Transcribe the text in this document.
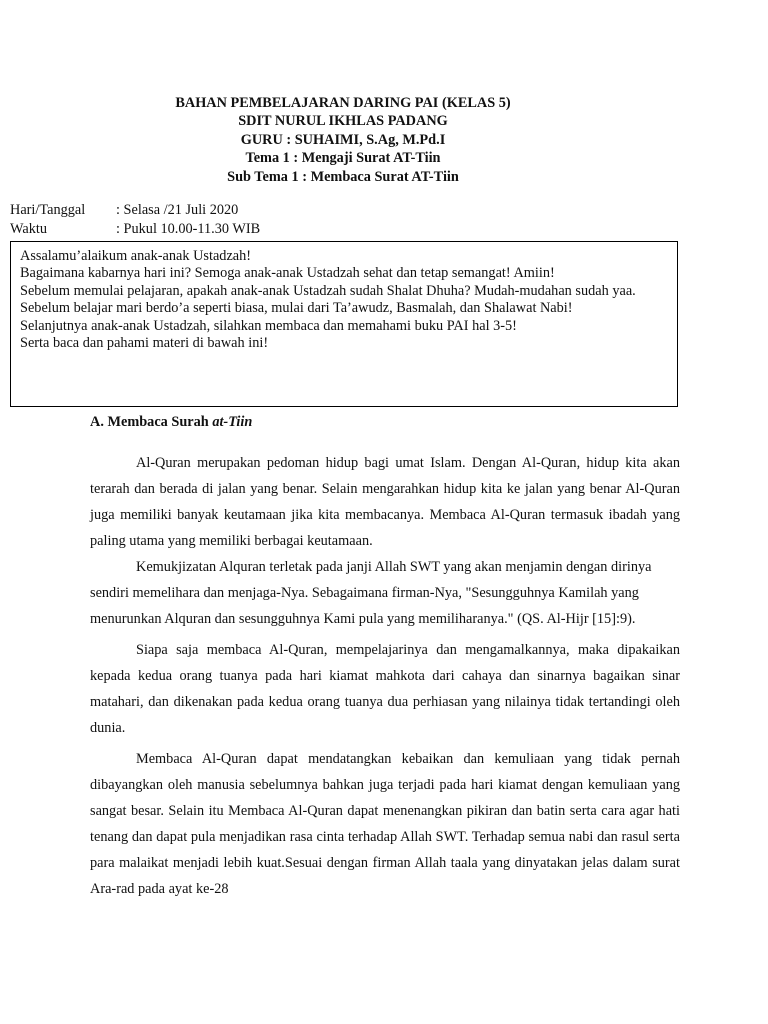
BAHAN PEMBELAJARAN DARING PAI (KELAS 5)
SDIT NURUL IKHLAS PADANG
GURU : SUHAIMI, S.Ag, M.Pd.I
Tema 1 : Mengaji Surat AT-Tiin
Sub Tema 1 : Membaca Surat AT-Tiin
Hari/Tanggal	: Selasa /21 Juli 2020
Waktu	: Pukul 10.00-11.30 WIB

Assalamu’alaikum anak-anak Ustadzah!

Bagaimana kabarnya hari ini? Semoga anak-anak Ustadzah sehat dan tetap semangat! Amiin!

Sebelum memulai pelajaran, apakah anak-anak Ustadzah sudah Shalat Dhuha? Mudah-mudahan sudah yaa.

Sebelum belajar mari berdo’a seperti biasa, mulai dari Ta’awudz, Basmalah, dan Shalawat Nabi!

Selanjutnya anak-anak Ustadzah, silahkan membaca dan memahami buku PAI hal 3-5!

Serta baca dan pahami materi di bawah ini!

A. Membaca Surah at-Tiin

Al-Quran merupakan pedoman hidup bagi umat Islam. Dengan Al-Quran, hidup kita akan terarah dan berada di jalan yang benar. Selain mengarahkan hidup kita ke jalan yang benar Al-Quran juga memiliki banyak keutamaan jika kita membacanya. Membaca Al-Quran termasuk ibadah yang paling utama yang memiliki berbagai keutamaan.

Kemukjizatan Alquran terletak pada janji Allah SWT yang akan menjamin dengan dirinya sendiri memelihara dan menjaga-Nya. Sebagaimana firman-Nya, "Sesungguhnya Kamilah yang menurunkan Alquran dan sesungguhnya Kami pula yang memiliharanya." (QS. Al-Hijr [15]:9).

Siapa saja membaca Al-Quran, mempelajarinya dan mengamalkannya, maka dipakaikan kepada kedua orang tuanya pada hari kiamat mahkota dari cahaya dan sinarnya bagaikan sinar matahari, dan dikenakan pada kedua orang tuanya dua perhiasan yang nilainya tidak tertandingi oleh dunia.

Membaca Al-Quran dapat mendatangkan kebaikan dan kemuliaan yang tidak pernah dibayangkan oleh manusia sebelumnya bahkan juga terjadi pada hari kiamat dengan kemuliaan yang sangat besar. Selain itu Membaca Al-Quran dapat menenangkan pikiran dan batin serta cara agar hati tenang dan dapat pula menjadikan rasa cinta terhadap Allah SWT. Terhadap semua nabi dan rasul serta para malaikat menjadi lebih kuat.Sesuai dengan firman Allah taala yang dinyatakan jelas dalam surat Ara-rad pada ayat ke-28
